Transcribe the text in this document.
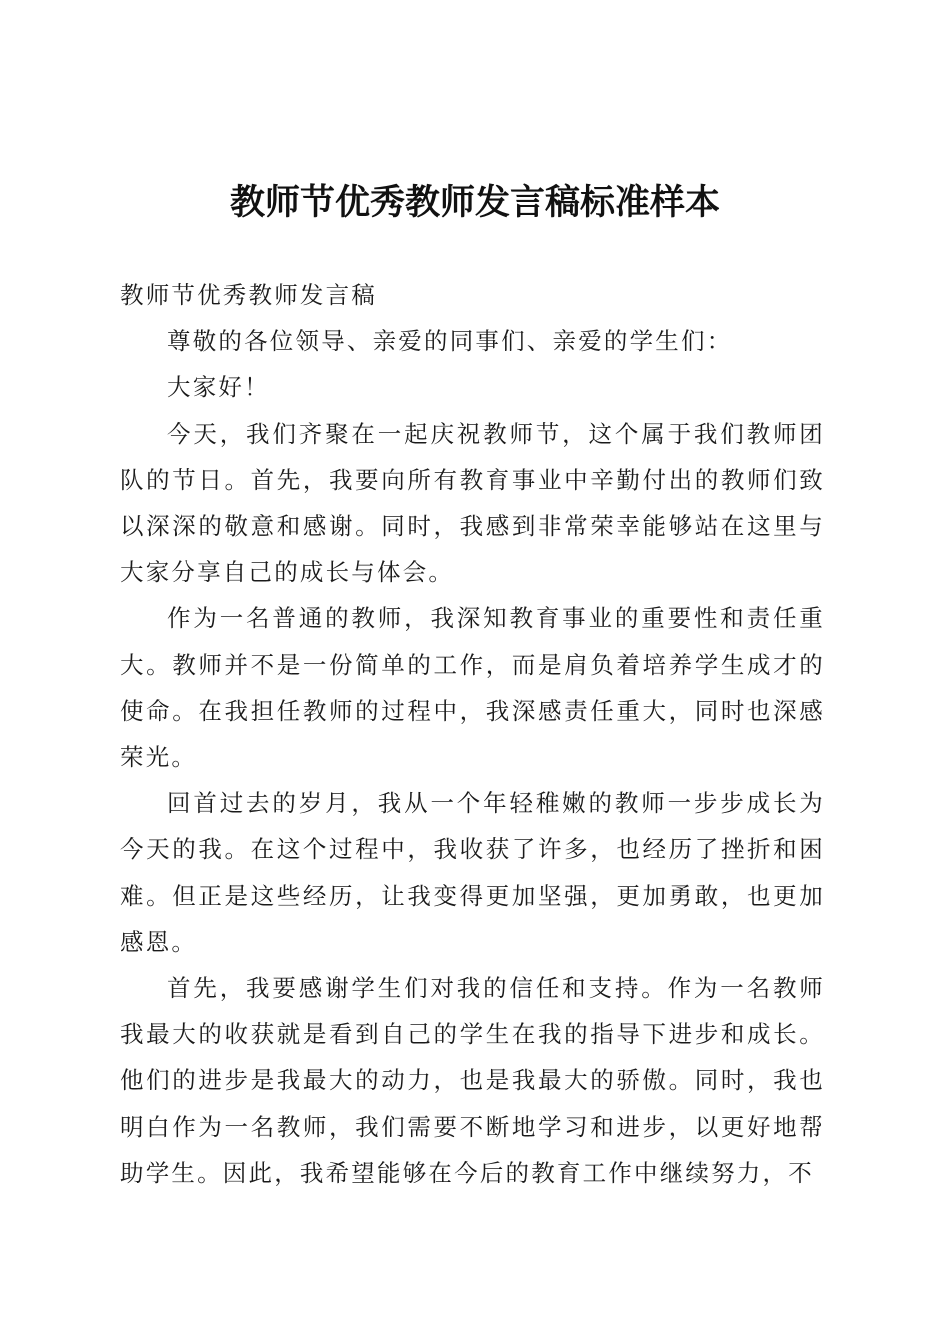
教师节优秀教师发言稿标准样本

教师节优秀教师发言稿

尊敬的各位领导、亲爱的同事们、亲爱的学生们：

大家好！

今天，我们齐聚在一起庆祝教师节，这个属于我们教师团队的节日。首先，我要向所有教育事业中辛勤付出的教师们致以深深的敬意和感谢。同时，我感到非常荣幸能够站在这里与大家分享自己的成长与体会。

作为一名普通的教师，我深知教育事业的重要性和责任重大。教师并不是一份简单的工作，而是肩负着培养学生成才的使命。在我担任教师的过程中，我深感责任重大，同时也深感荣光。

回首过去的岁月，我从一个年轻稚嫩的教师一步步成长为今天的我。在这个过程中，我收获了许多，也经历了挫折和困难。但正是这些经历，让我变得更加坚强，更加勇敢，也更加感恩。

首先，我要感谢学生们对我的信任和支持。作为一名教师我最大的收获就是看到自己的学生在我的指导下进步和成长。他们的进步是我最大的动力，也是我最大的骄傲。同时，我也明白作为一名教师，我们需要不断地学习和进步，以更好地帮助学生。因此，我希望能够在今后的教育工作中继续努力，不
